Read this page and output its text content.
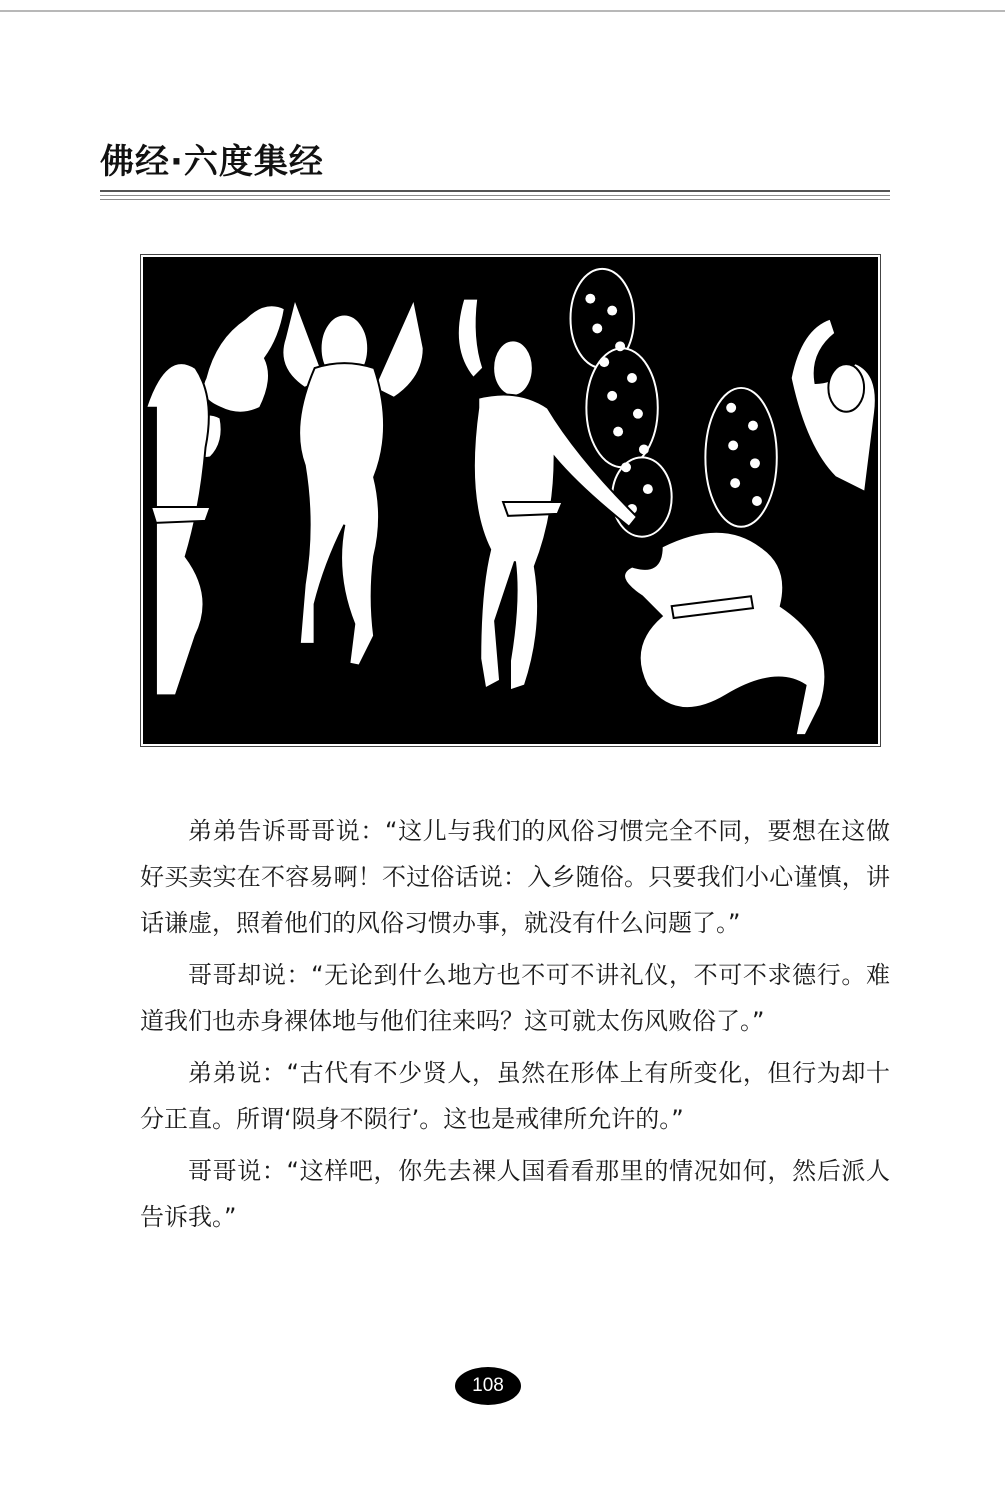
佛经·六度集经

弟弟告诉哥哥说：“这儿与我们的风俗习惯完全不同，要想在这做好买卖实在不容易啊！不过俗话说：入乡随俗。只要我们小心谨慎，讲话谦虚，照着他们的风俗习惯办事，就没有什么问题了。”

哥哥却说：“无论到什么地方也不可不讲礼仪，不可不求德行。难道我们也赤身裸体地与他们往来吗？这可就太伤风败俗了。”

弟弟说：“古代有不少贤人，虽然在形体上有所变化，但行为却十分正直。所谓‘陨身不陨行’。这也是戒律所允许的。”

哥哥说：“这样吧，你先去裸人国看看那里的情况如何，然后派人告诉我。”

108
